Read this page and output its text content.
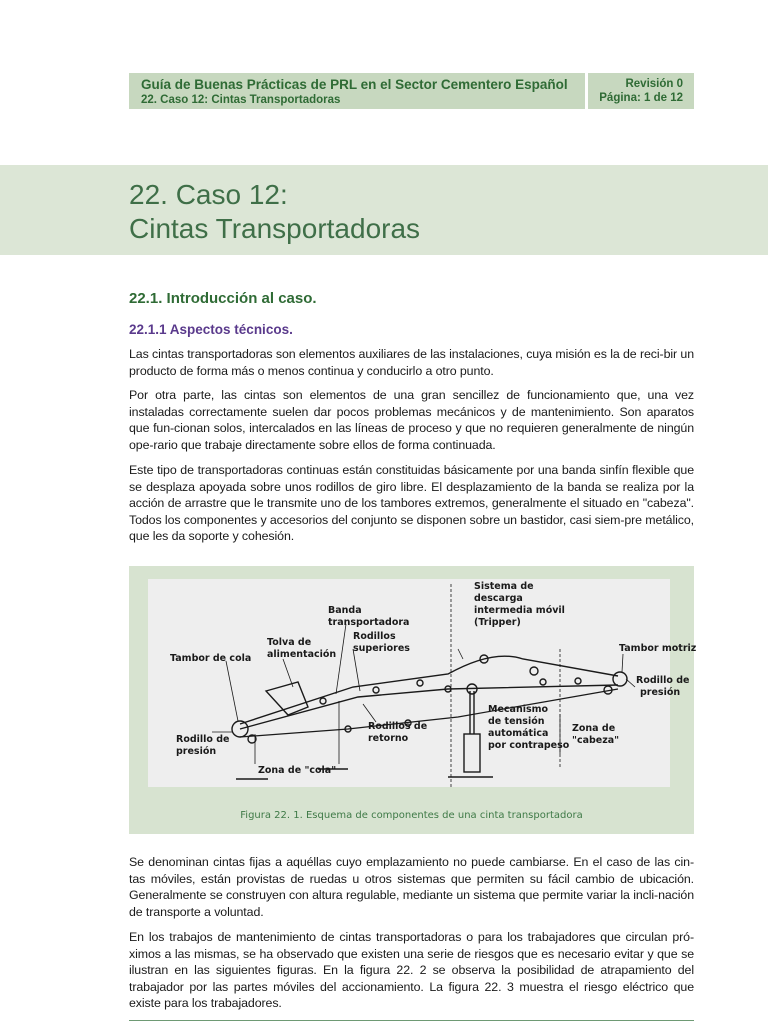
Guía de Buenas Prácticas de PRL en el Sector Cementero Español
22. Caso 12: Cintas Transportadoras
Revisión 0
Página: 1 de 12
22. Caso 12:
Cintas Transportadoras
22.1. Introducción al caso.
22.1.1 Aspectos técnicos.

Las cintas transportadoras son elementos auxiliares de las instalaciones, cuya misión es la de reci-bir un producto de forma más o menos continua y conducirlo a otro punto.

Por otra parte, las cintas son elementos de una gran sencillez de funcionamiento que, una vez instaladas correctamente suelen dar pocos problemas mecánicos y de mantenimiento. Son aparatos que fun-cionan solos, intercalados en las líneas de proceso y que no requieren generalmente de ningún ope-rario que trabaje directamente sobre ellos de forma continuada.

Este tipo de transportadoras continuas están constituidas básicamente por una banda sinfín flexible que se desplaza apoyada sobre unos rodillos de giro libre. El desplazamiento de la banda se realiza por la acción de arrastre que le transmite uno de los tambores extremos, generalmente el situado en "cabeza". Todos los componentes y accesorios del conjunto se disponen sobre un bastidor, casi siem-pre metálico, que les da soporte y cohesión.

Sistema de
descarga
intermedia móvil
(Tripper)
Banda
transportadora
Rodillos
superiores
Tolva de
alimentación
Tambor de cola
Tambor motriz
Rodillo de
presión
Rodillo de
presión
Rodillos de
retorno
Mecanismo
de tensión
automática
por contrapeso
Zona de
"cabeza"
Zona de "cola"
Figura 22. 1. Esquema de componentes de una cinta transportadora

Se denominan cintas fijas a aquéllas cuyo emplazamiento no puede cambiarse. En el caso de las cin-tas móviles, están provistas de ruedas u otros sistemas que permiten su fácil cambio de ubicación. Generalmente se construyen con altura regulable, mediante un sistema que permite variar la incli-nación de transporte a voluntad.

En los trabajos de mantenimiento de cintas transportadoras o para los trabajadores que circulan pró-ximos a las mismas, se ha observado que existen una serie de riesgos que es necesario evitar y que se ilustran en las siguientes figuras. En la figura 22. 2 se observa la posibilidad de atrapamiento del trabajador por las partes móviles del accionamiento. La figura 22. 3 muestra el riesgo eléctrico que existe para los trabajadores.
